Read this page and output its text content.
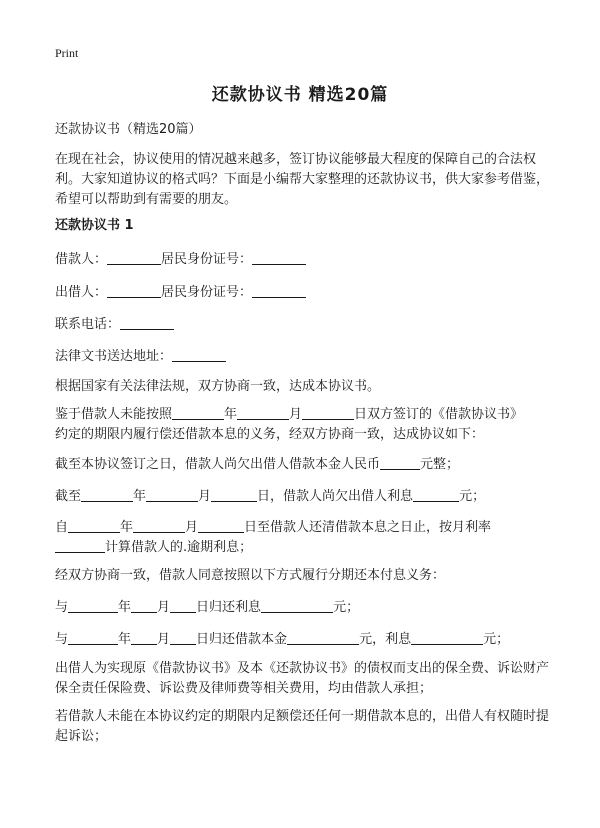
Print
还款协议书 精选20篇
还款协议书（精选20篇）
在现在社会，协议使用的情况越来越多，签订协议能够最大程度的保障自己的合法权利。大家知道协议的格式吗？下面是小编帮大家整理的还款协议书，供大家参考借鉴，希望可以帮助到有需要的朋友。
还款协议书 1
借款人：	居民身份证号：
出借人：	居民身份证号：
联系电话：
法律文书送达地址：
根据国家有关法律法规，双方协商一致，达成本协议书。
鉴于借款人未能按照	年	月	日双方签订的《借款协议书》
约定的期限内履行偿还借款本息的义务，经双方协商一致，达成协议如下：
截至本协议签订之日，借款人尚欠出借人借款本金人民币	元整；
截至	年	月	日，借款人尚欠出借人利息	元；
自	年	月	日至借款人还清借款本息之日止，按月利率
计算借款人的.逾期利息；
经双方协商一致，借款人同意按照以下方式履行分期还本付息义务：
与	年 月 日归还利息	元；
与	年 月 日归还借款本金	元，利息	元；
出借人为实现原《借款协议书》及本《还款协议书》的债权而支出的保全费、诉讼财产保全责任保险费、诉讼费及律师费等相关费用，均由借款人承担；
若借款人未能在本协议约定的期限内足额偿还任何一期借款本息的，出借人有权随时提起诉讼；
